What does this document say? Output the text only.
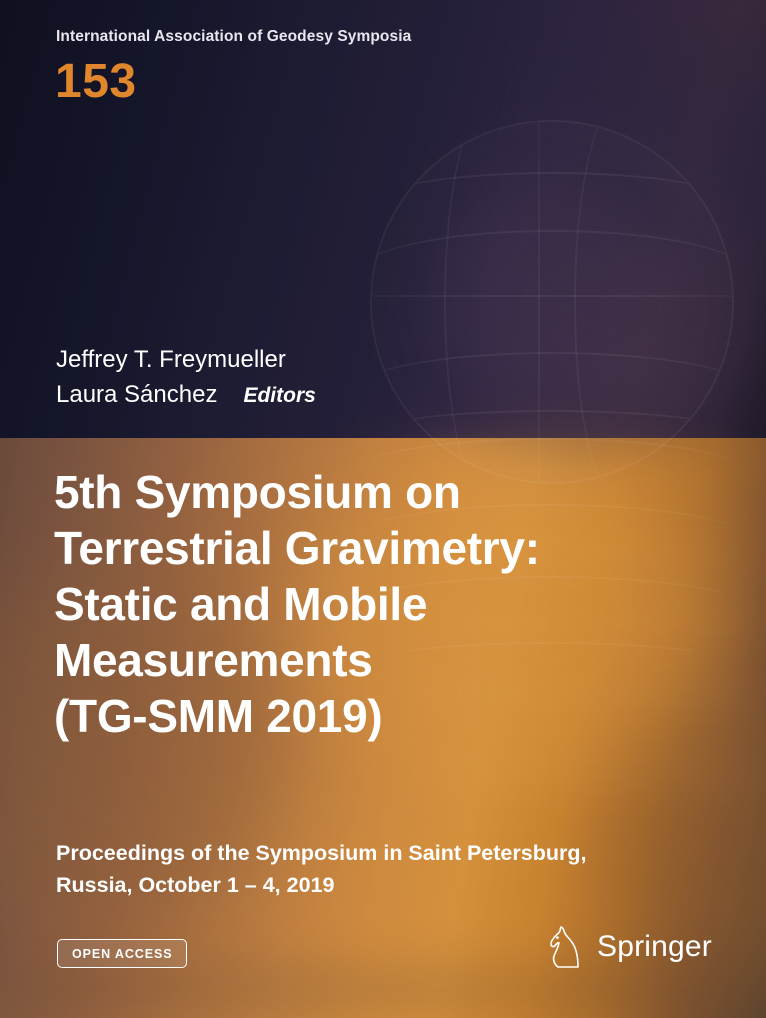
International Association of Geodesy Symposia
153
Jeffrey T. Freymueller
Laura Sánchez Editors
5th Symposium on
Terrestrial Gravimetry:
Static and Mobile
Measurements
(TG-SMM 2019)
Proceedings of the Symposium in Saint Petersburg,
Russia, October 1 – 4, 2019
OPEN ACCESS	Springer
